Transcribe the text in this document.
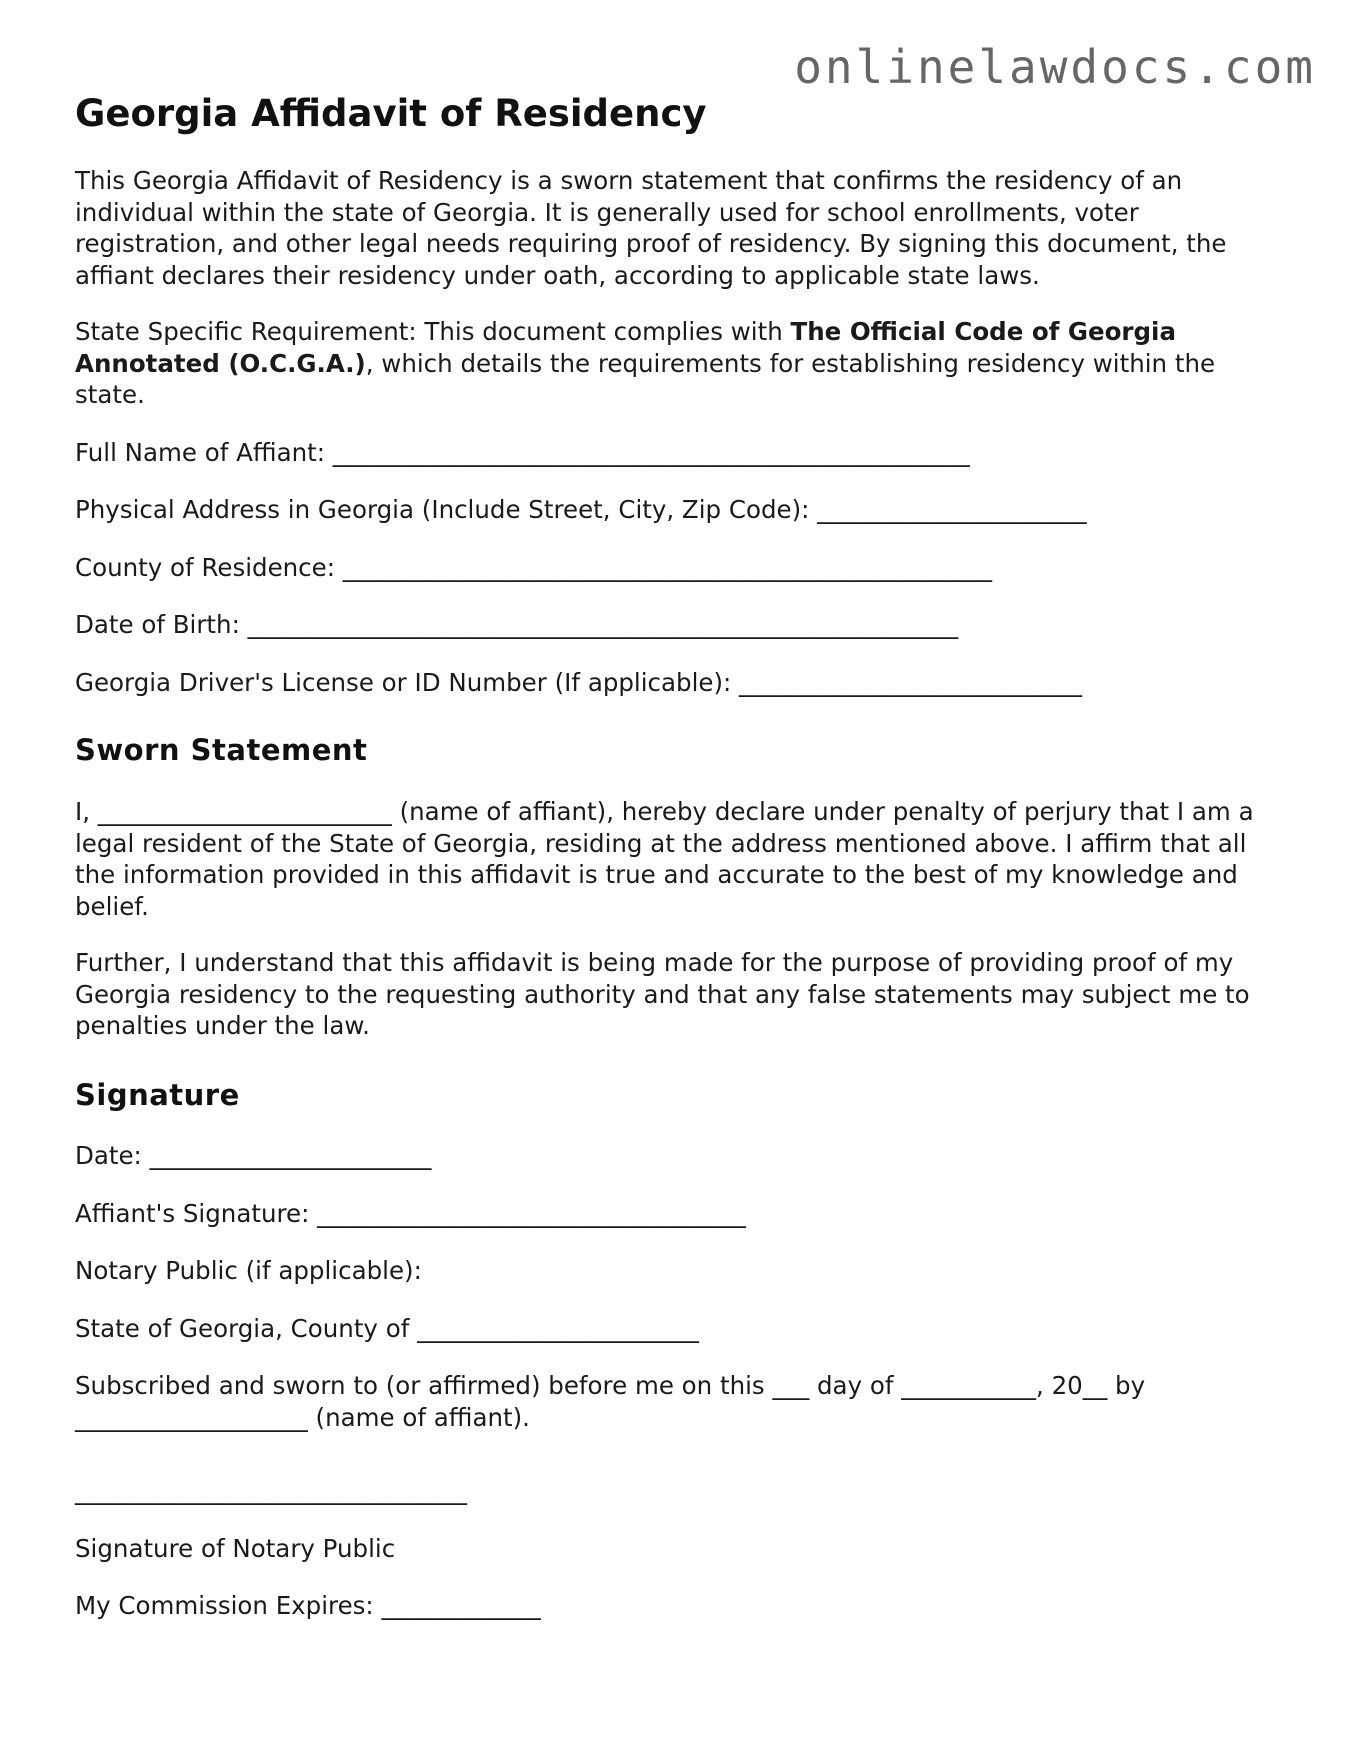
onlinelawdocs.com
Georgia Affidavit of Residency

This Georgia Affidavit of Residency is a sworn statement that confirms the residency of an individual within the state of Georgia. It is generally used for school enrollments, voter registration, and other legal needs requiring proof of residency. By signing this document, the affiant declares their residency under oath, according to applicable state laws.

State Specific Requirement: This document complies with The Official Code of Georgia Annotated (O.C.G.A.), which details the requirements for establishing residency within the state.

Full Name of Affiant: ____________________________________________________
Physical Address in Georgia (Include Street, City, Zip Code): ______________________
County of Residence: _____________________________________________________
Date of Birth: __________________________________________________________
Georgia Driver's License or ID Number (If applicable): ____________________________
Sworn Statement

I, ________________________ (name of affiant), hereby declare under penalty of perjury that I am a legal resident of the State of Georgia, residing at the address mentioned above. I affirm that all the information provided in this affidavit is true and accurate to the best of my knowledge and belief.

Further, I understand that this affidavit is being made for the purpose of providing proof of my Georgia residency to the requesting authority and that any false statements may subject me to penalties under the law.

Signature
Date: _______________________
Affiant's Signature: ___________________________________
Notary Public (if applicable):
State of Georgia, County of _______________________

Subscribed and sworn to (or affirmed) before me on this ___ day of ___________, 20__ by ___________________ (name of affiant).

________________________________
Signature of Notary Public
My Commission Expires: _____________
